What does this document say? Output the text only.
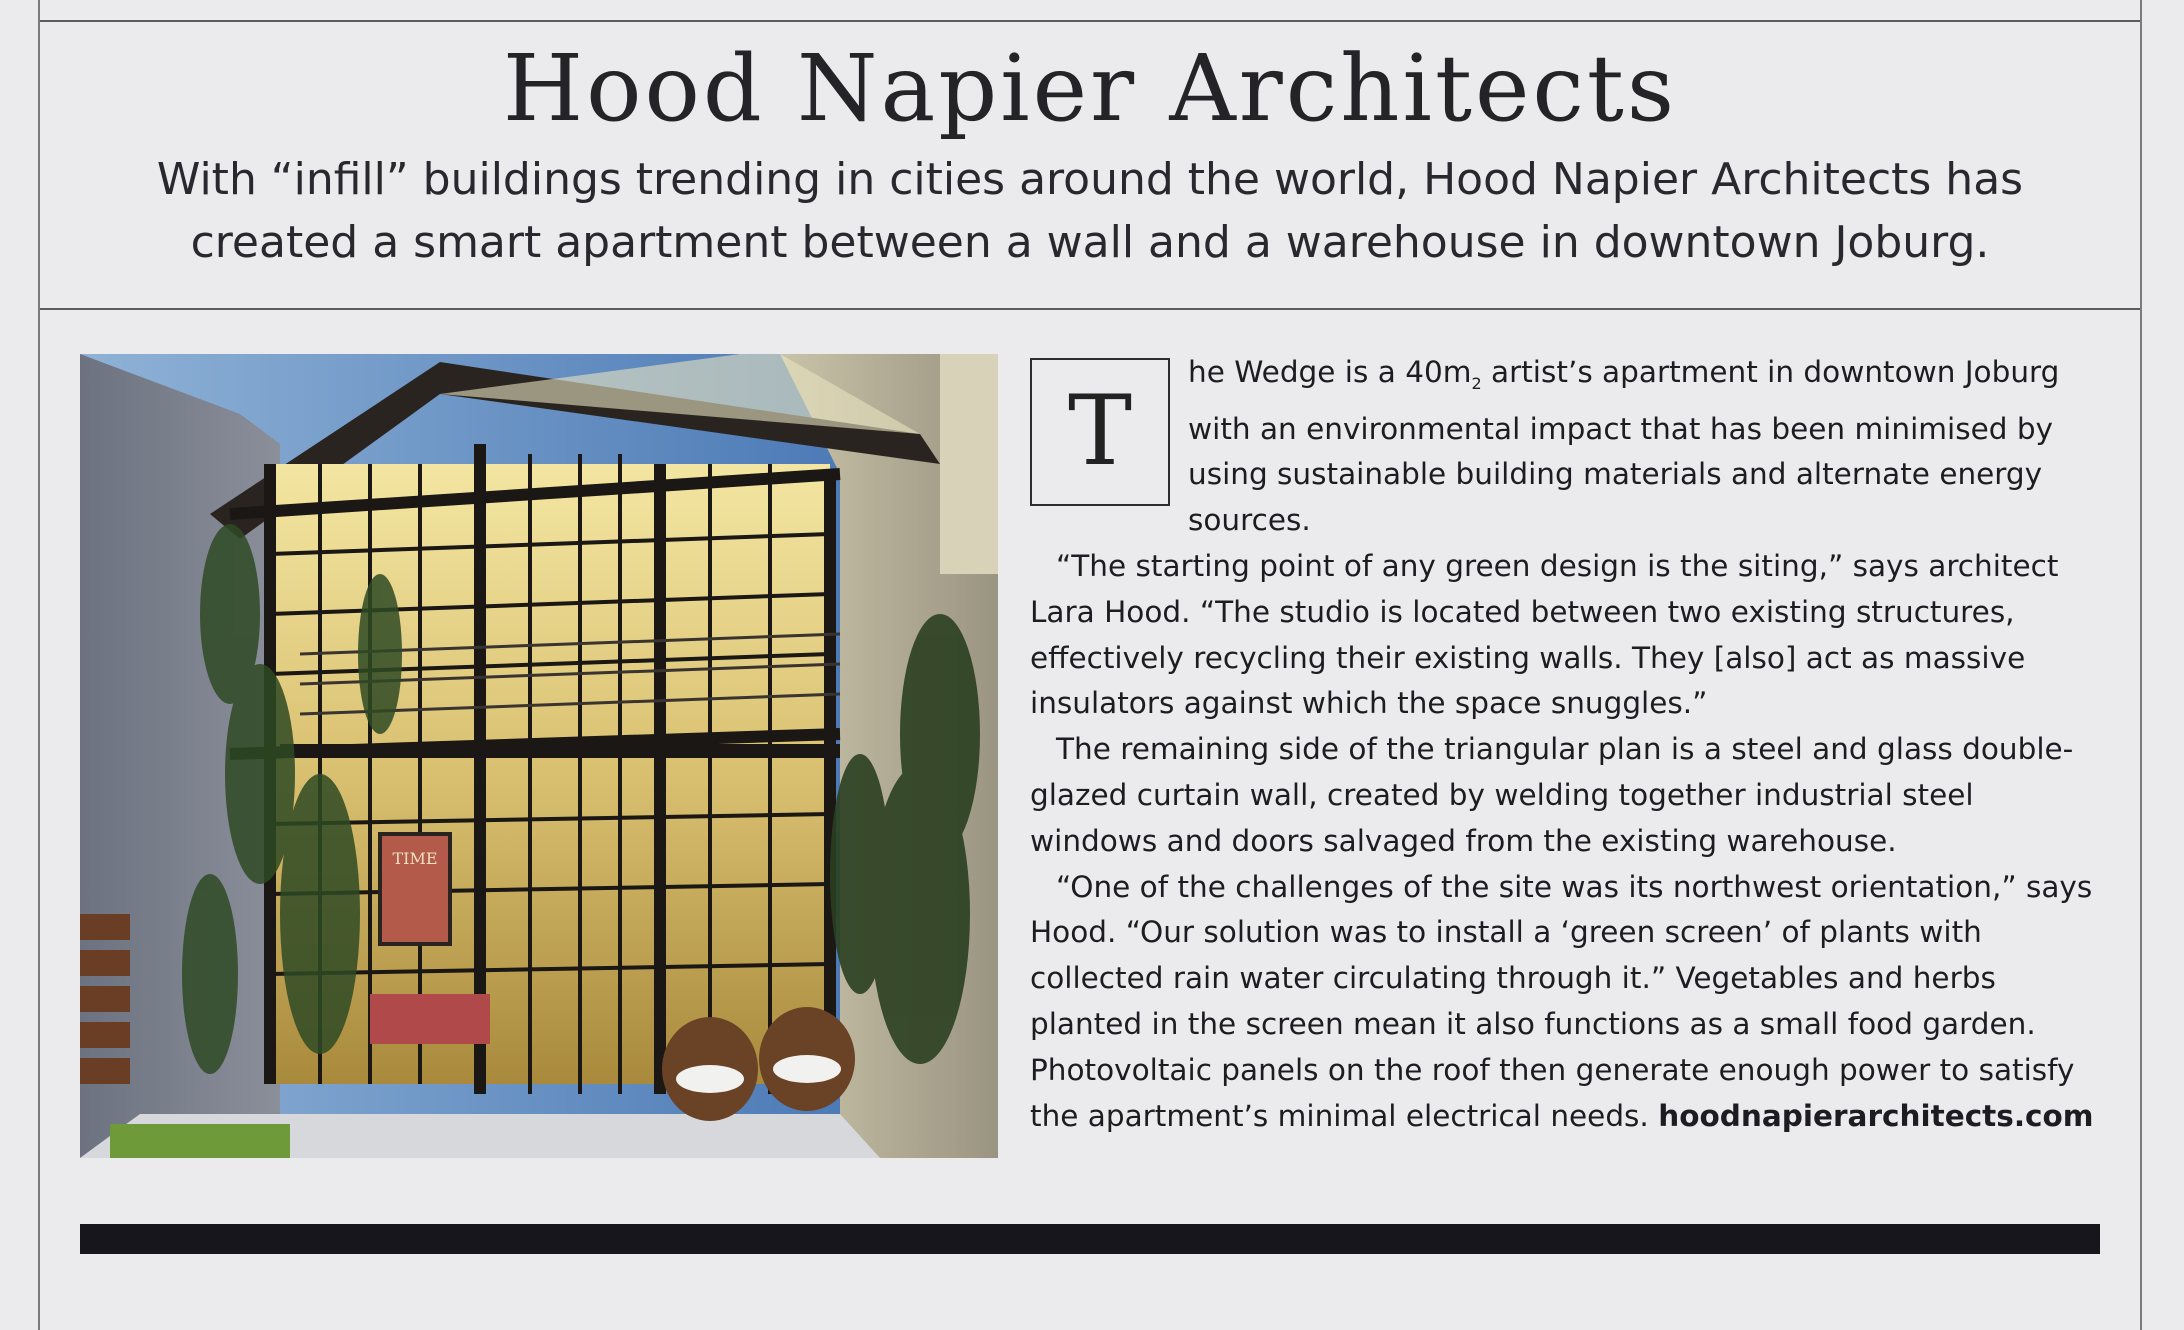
Hood Napier Architects
With “infill” buildings trending in cities around the world, Hood Napier Architects has
created a smart apartment between a wall and a warehouse in downtown Joburg.
TIME
T

he Wedge is a $40m_2$ artist’s apartment in downtown Joburg with an environmental impact that has been minimised by using sustainable building materials and alternate energy sources.

“The starting point of any green design is the siting,” says architect Lara Hood. “The studio is located between two existing structures, effectively recycling their existing walls. They [also] act as massive insulators against which the space snuggles.”

The remaining side of the triangular plan is a steel and glass double-glazed curtain wall, created by welding together industrial steel windows and doors salvaged from the existing warehouse.

“One of the challenges of the site was its northwest orientation,” says Hood. “Our solution was to install a ‘green screen’ of plants with collected rain water circulating through it.” Vegetables and herbs planted in the screen mean it also functions as a small food garden. Photovoltaic panels on the roof then generate enough power to satisfy the apartment’s minimal electrical needs. hoodnapierarchitects.com
